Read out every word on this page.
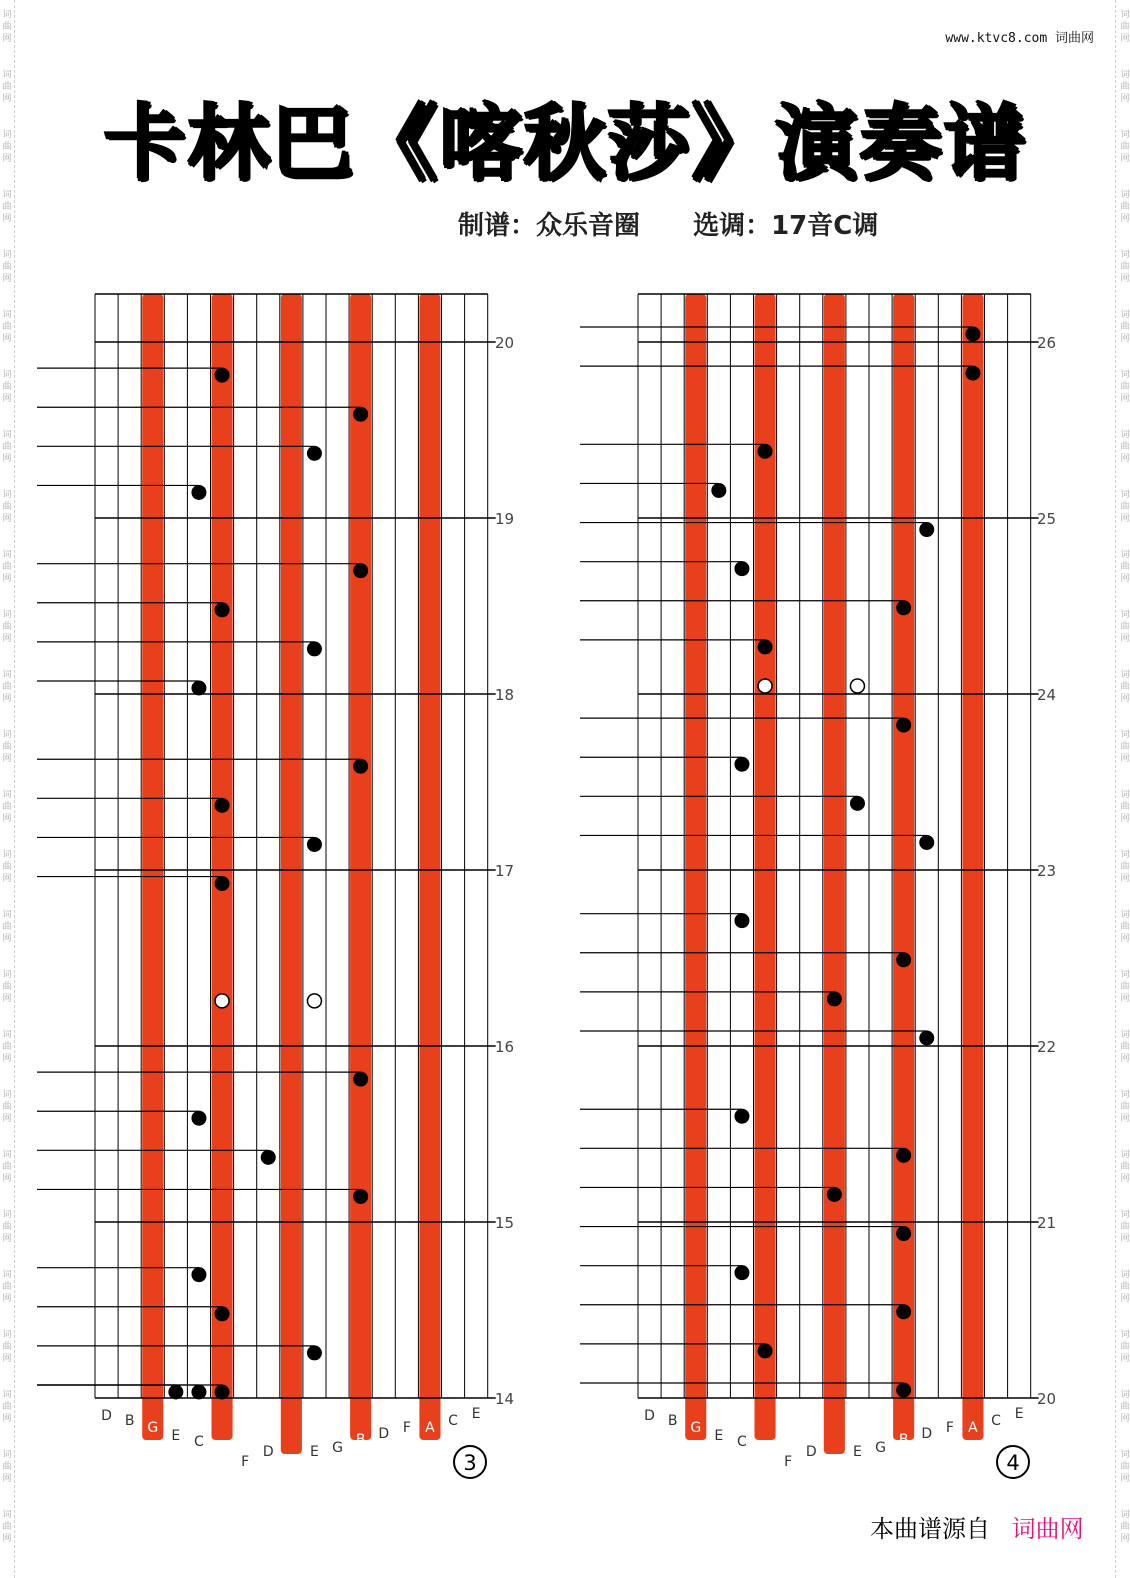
词
曲
网
词
曲
网
词
曲
网
词
曲
网
词
曲
网
词
曲
网
词
曲
网
词
曲
网
词
曲
网
词
曲
网
词
曲
网
词
曲
网
词
曲
网
词
曲
网
词
曲
网
词
曲
网
词
曲
网
词
曲
网
词
曲
网
词
曲
网
词
曲
网
词
曲
网
词
曲
网
词
曲
网
词
曲
网
词
曲
网
词
曲
网
词
曲
网
词
曲
网
词
曲
网
词
曲
网
词
曲
网
词
曲
网
词
曲
网
词
曲
网
词
曲
网
词
曲
网
词
曲
网
词
曲
网
词
曲
网
词
曲
网
词
曲
网
词
曲
网
词
曲
网
词
曲
网
词
曲
网
词
曲
网
词
曲
网
词
曲
网
词
曲
网
词
曲
网
词
曲
网
www.ktvc8.com 词曲网
卡林巴《喀秋莎》演奏谱
制谱：众乐音圈 选调：17音C调
20
19
18
17
16
15
14
D B G E C A
F
D
C
E G B D F A C E
3
26
25
24
23
22
21
20
D B G E C A
F
D
C
E G B D F A C E
4
本曲谱源自 词曲网
